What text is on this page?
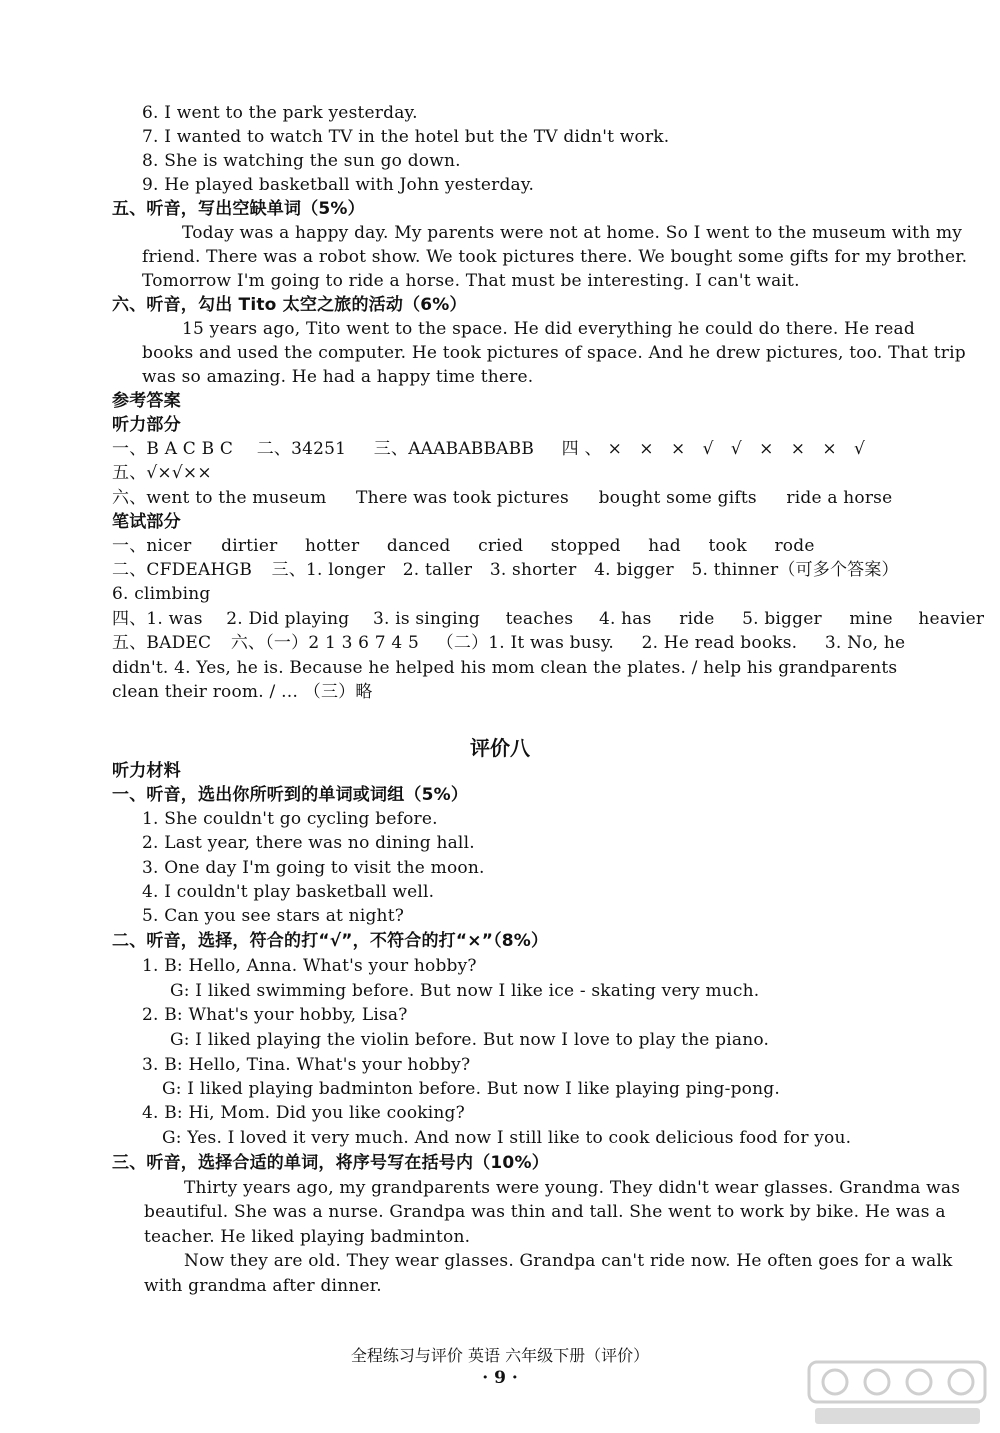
6. I went to the park yesterday.
7. I wanted to watch TV in the hotel but the TV didn't work.
8. She is watching the sun go down.
9. He played basketball with John yesterday.
五、听音，写出空缺单词（5%）
Today was a happy day. My parents were not at home. So I went to the museum with my
friend. There was a robot show. We took pictures there. We bought some gifts for my brother.
Tomorrow I'm going to ride a horse. That must be interesting. I can't wait.
六、听音，勾出 Tito 太空之旅的活动（6%）
15 years ago, Tito went to the space. He did everything he could do there. He read
books and used the computer. He took pictures of space. And he drew pictures, too. That trip
was so amazing. He had a happy time there.
参考答案
听力部分
一、B A C B C 二、34251 三、AAABABBABB 四、× × × √ √ × × × √
五、√×√××
六、went to the museum There was took pictures bought some gifts ride a horse
笔试部分
一、nicer dirtier hotter danced cried stopped had took rode
二、CFDEAHGB 三、1. longer 2. taller 3. shorter 4. bigger 5. thinner（可多个答案）
6. climbing
四、1. was 2. Did playing 3. is singing teaches 4. has ride 5. bigger mine heavier
五、BADEC 六、（一）2 1 3 6 7 4 5 （二）1. It was busy. 2. He read books. 3. No, he
didn't. 4. Yes, he is. Because he helped his mom clean the plates. / help his grandparents
clean their room. / … （三）略
评价八
听力材料
一、听音，选出你所听到的单词或词组（5%）
1. She couldn't go cycling before.
2. Last year, there was no dining hall.
3. One day I'm going to visit the moon.
4. I couldn't play basketball well.
5. Can you see stars at night?
二、听音，选择，符合的打“√”，不符合的打“×”（8%）
1. B: Hello, Anna. What's your hobby?
G: I liked swimming before. But now I like ice - skating very much.
2. B: What's your hobby, Lisa?
G: I liked playing the violin before. But now I love to play the piano.
3. B: Hello, Tina. What's your hobby?
G: I liked playing badminton before. But now I like playing ping-pong.
4. B: Hi, Mom. Did you like cooking?
G: Yes. I loved it very much. And now I still like to cook delicious food for you.
三、听音，选择合适的单词，将序号写在括号内（10%）
Thirty years ago, my grandparents were young. They didn't wear glasses. Grandma was
beautiful. She was a nurse. Grandpa was thin and tall. She went to work by bike. He was a
teacher. He liked playing badminton.
Now they are old. They wear glasses. Grandpa can't ride now. He often goes for a walk
with grandma after dinner.
全程练习与评价 英语 六年级下册（评价）
· 9 ·
